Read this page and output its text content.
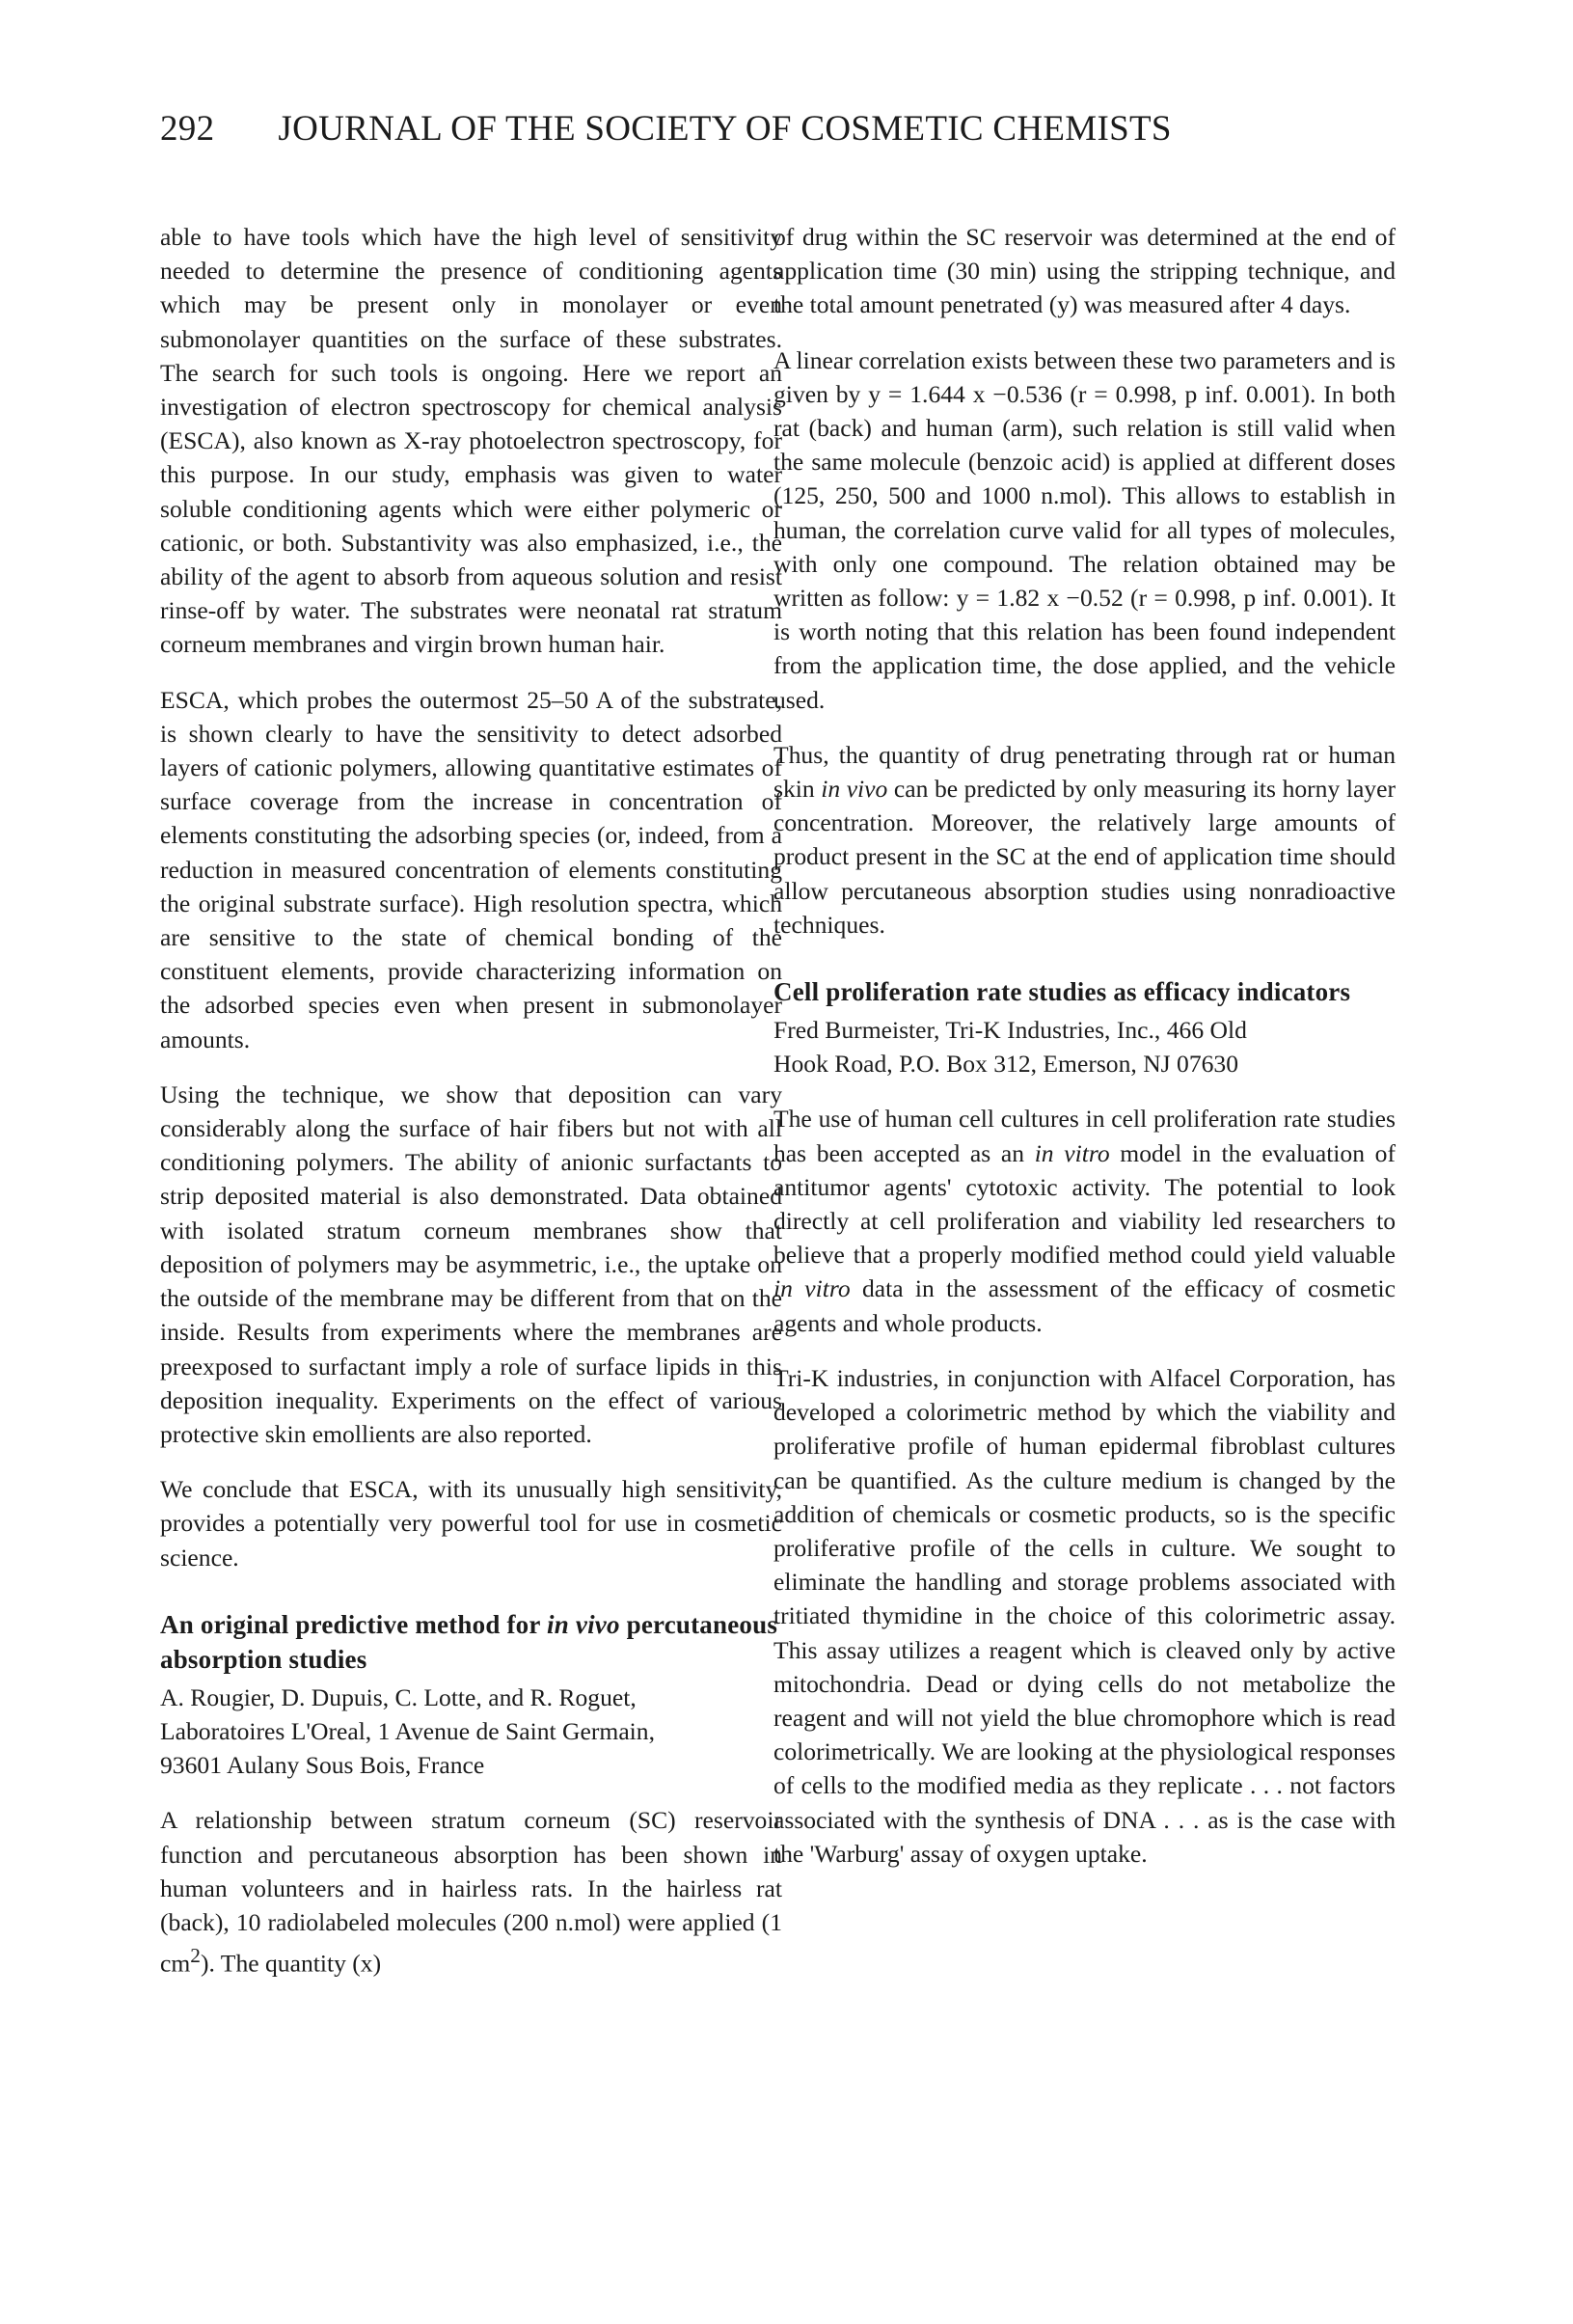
292 JOURNAL OF THE SOCIETY OF COSMETIC CHEMISTS

able to have tools which have the high level of sensitivity needed to determine the presence of conditioning agents which may be present only in monolayer or even submonolayer quantities on the surface of these substrates. The search for such tools is ongoing. Here we report an investigation of electron spectroscopy for chemical analysis (ESCA), also known as X-ray photoelectron spectroscopy, for this purpose. In our study, emphasis was given to water soluble conditioning agents which were either polymeric or cationic, or both. Substantivity was also emphasized, i.e., the ability of the agent to absorb from aqueous solution and resist rinse-off by water. The substrates were neonatal rat stratum corneum membranes and virgin brown human hair.

ESCA, which probes the outermost 25–50 A of the substrate, is shown clearly to have the sensitivity to detect adsorbed layers of cationic polymers, allowing quantitative estimates of surface coverage from the increase in concentration of elements constituting the adsorbing species (or, indeed, from a reduction in measured concentration of elements constituting the original substrate surface). High resolution spectra, which are sensitive to the state of chemical bonding of the constituent elements, provide characterizing information on the adsorbed species even when present in submonolayer amounts.

Using the technique, we show that deposition can vary considerably along the surface of hair fibers but not with all conditioning polymers. The ability of anionic surfactants to strip deposited material is also demonstrated. Data obtained with isolated stratum corneum membranes show that deposition of polymers may be asymmetric, i.e., the uptake on the outside of the membrane may be different from that on the inside. Results from experiments where the membranes are preexposed to surfactant imply a role of surface lipids in this deposition inequality. Experiments on the effect of various protective skin emollients are also reported.

We conclude that ESCA, with its unusually high sensitivity, provides a potentially very powerful tool for use in cosmetic science.

An original predictive method for in vivo percutaneous absorption studies
A. Rougier, D. Dupuis, C. Lotte, and R. Roguet,
Laboratoires L'Oreal, 1 Avenue de Saint Germain,
93601 Aulany Sous Bois, France

A relationship between stratum corneum (SC) reservoir function and percutaneous absorption has been shown in human volunteers and in hairless rats. In the hairless rat (back), 10 radiolabeled molecules (200 n.mol) were applied (1 $cm^2$). The quantity (x)

of drug within the SC reservoir was determined at the end of application time (30 min) using the stripping technique, and the total amount penetrated (y) was measured after 4 days.

A linear correlation exists between these two parameters and is given by y = 1.644 x −0.536 (r = 0.998, p inf. 0.001). In both rat (back) and human (arm), such relation is still valid when the same molecule (benzoic acid) is applied at different doses (125, 250, 500 and 1000 n.mol). This allows to establish in human, the correlation curve valid for all types of molecules, with only one compound. The relation obtained may be written as follow: y = 1.82 x −0.52 (r = 0.998, p inf. 0.001). It is worth noting that this relation has been found independent from the application time, the dose applied, and the vehicle used.

Thus, the quantity of drug penetrating through rat or human skin in vivo can be predicted by only measuring its horny layer concentration. Moreover, the relatively large amounts of product present in the SC at the end of application time should allow percutaneous absorption studies using nonradioactive techniques.

Cell proliferation rate studies as efficacy indicators
Fred Burmeister, Tri-K Industries, Inc., 466 Old
Hook Road, P.O. Box 312, Emerson, NJ 07630

The use of human cell cultures in cell proliferation rate studies has been accepted as an in vitro model in the evaluation of antitumor agents' cytotoxic activity. The potential to look directly at cell proliferation and viability led researchers to believe that a properly modified method could yield valuable in vitro data in the assessment of the efficacy of cosmetic agents and whole products.

Tri-K industries, in conjunction with Alfacel Corporation, has developed a colorimetric method by which the viability and proliferative profile of human epidermal fibroblast cultures can be quantified. As the culture medium is changed by the addition of chemicals or cosmetic products, so is the specific proliferative profile of the cells in culture. We sought to eliminate the handling and storage problems associated with tritiated thymidine in the choice of this colorimetric assay. This assay utilizes a reagent which is cleaved only by active mitochondria. Dead or dying cells do not metabolize the reagent and will not yield the blue chromophore which is read colorimetrically. We are looking at the physiological responses of cells to the modified media as they replicate . . . not factors associated with the synthesis of DNA . . . as is the case with the 'Warburg' assay of oxygen uptake.
